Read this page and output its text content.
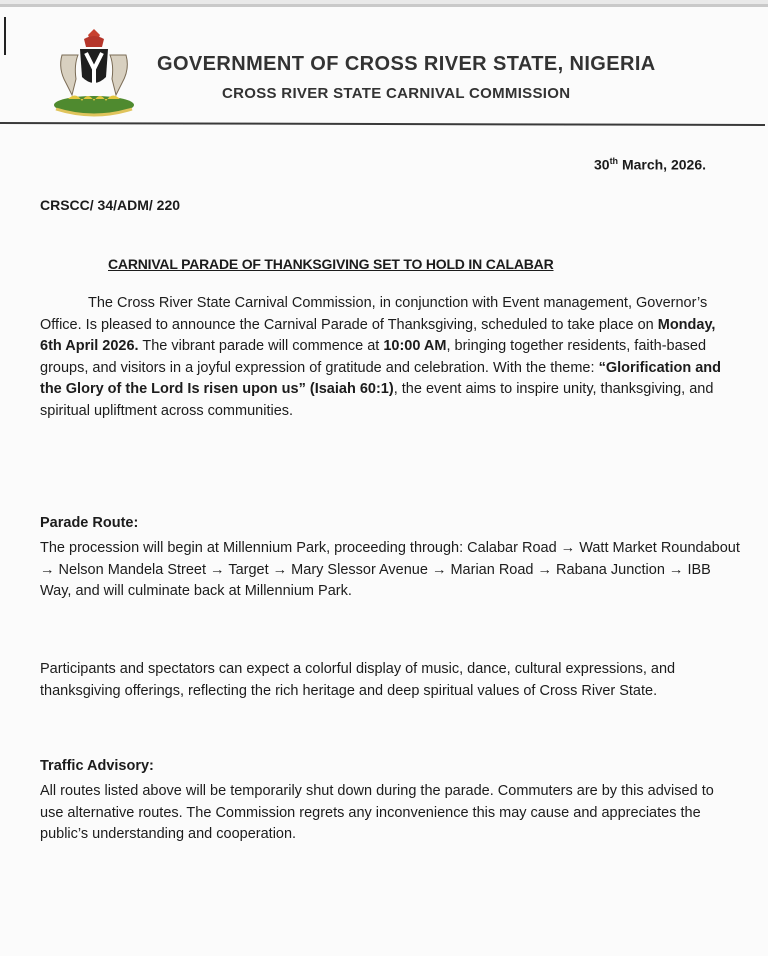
GOVERNMENT OF CROSS RIVER STATE, NIGERIA
CROSS RIVER STATE CARNIVAL COMMISSION
30th March, 2026.
CRSCC/ 34/ADM/ 220
CARNIVAL PARADE OF THANKSGIVING SET TO HOLD IN CALABAR
The Cross River State Carnival Commission, in conjunction with Event management, Governor’s Office. Is pleased to announce the Carnival Parade of Thanksgiving, scheduled to take place on Monday, 6th April 2026. The vibrant parade will commence at 10:00 AM, bringing together residents, faith-based groups, and visitors in a joyful expression of gratitude and celebration. With the theme: “Glorification and the Glory of the Lord Is risen upon us” (Isaiah 60:1), the event aims to inspire unity, thanksgiving, and spiritual upliftment across communities.
Parade Route:
The procession will begin at Millennium Park, proceeding through: Calabar Road → Watt Market Roundabout → Nelson Mandela Street → Target → Mary Slessor Avenue → Marian Road → Rabana Junction → IBB Way, and will culminate back at Millennium Park.
Participants and spectators can expect a colorful display of music, dance, cultural expressions, and thanksgiving offerings, reflecting the rich heritage and deep spiritual values of Cross River State.
Traffic Advisory:
All routes listed above will be temporarily shut down during the parade. Commuters are by this advised to use alternative routes. The Commission regrets any inconvenience this may cause and appreciates the public’s understanding and cooperation.
